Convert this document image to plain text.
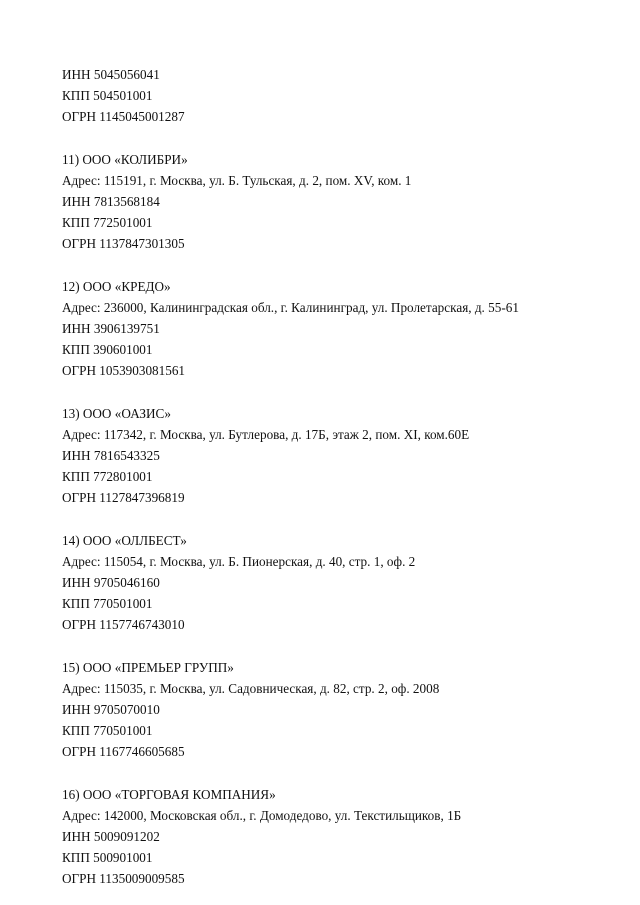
ИНН 5045056041
КПП 504501001
ОГРН 1145045001287
11) ООО «КОЛИБРИ»
Адрес: 115191, г. Москва, ул. Б. Тульская, д. 2, пом. XV, ком. 1
ИНН 7813568184
КПП 772501001
ОГРН 1137847301305
12) ООО «КРЕДО»
Адрес: 236000, Калининградская обл., г. Калининград, ул. Пролетарская, д. 55-61
ИНН 3906139751
КПП 390601001
ОГРН 1053903081561
13) ООО «ОАЗИС»
Адрес: 117342, г. Москва, ул. Бутлерова, д. 17Б, этаж 2, пом. XI, ком.60Е
ИНН 7816543325
КПП 772801001
ОГРН 1127847396819
14) ООО «ОЛЛБЕСТ»
Адрес: 115054, г. Москва, ул. Б. Пионерская, д. 40, стр. 1, оф. 2
ИНН 9705046160
КПП 770501001
ОГРН 1157746743010
15) ООО «ПРЕМЬЕР ГРУПП»
Адрес: 115035, г. Москва, ул. Садовническая, д. 82, стр. 2, оф. 2008
ИНН 9705070010
КПП 770501001
ОГРН 1167746605685
16) ООО «ТОРГОВАЯ КОМПАНИЯ»
Адрес: 142000, Московская обл., г. Домодедово, ул. Текстильщиков, 1Б
ИНН 5009091202
КПП 500901001
ОГРН 1135009009585
